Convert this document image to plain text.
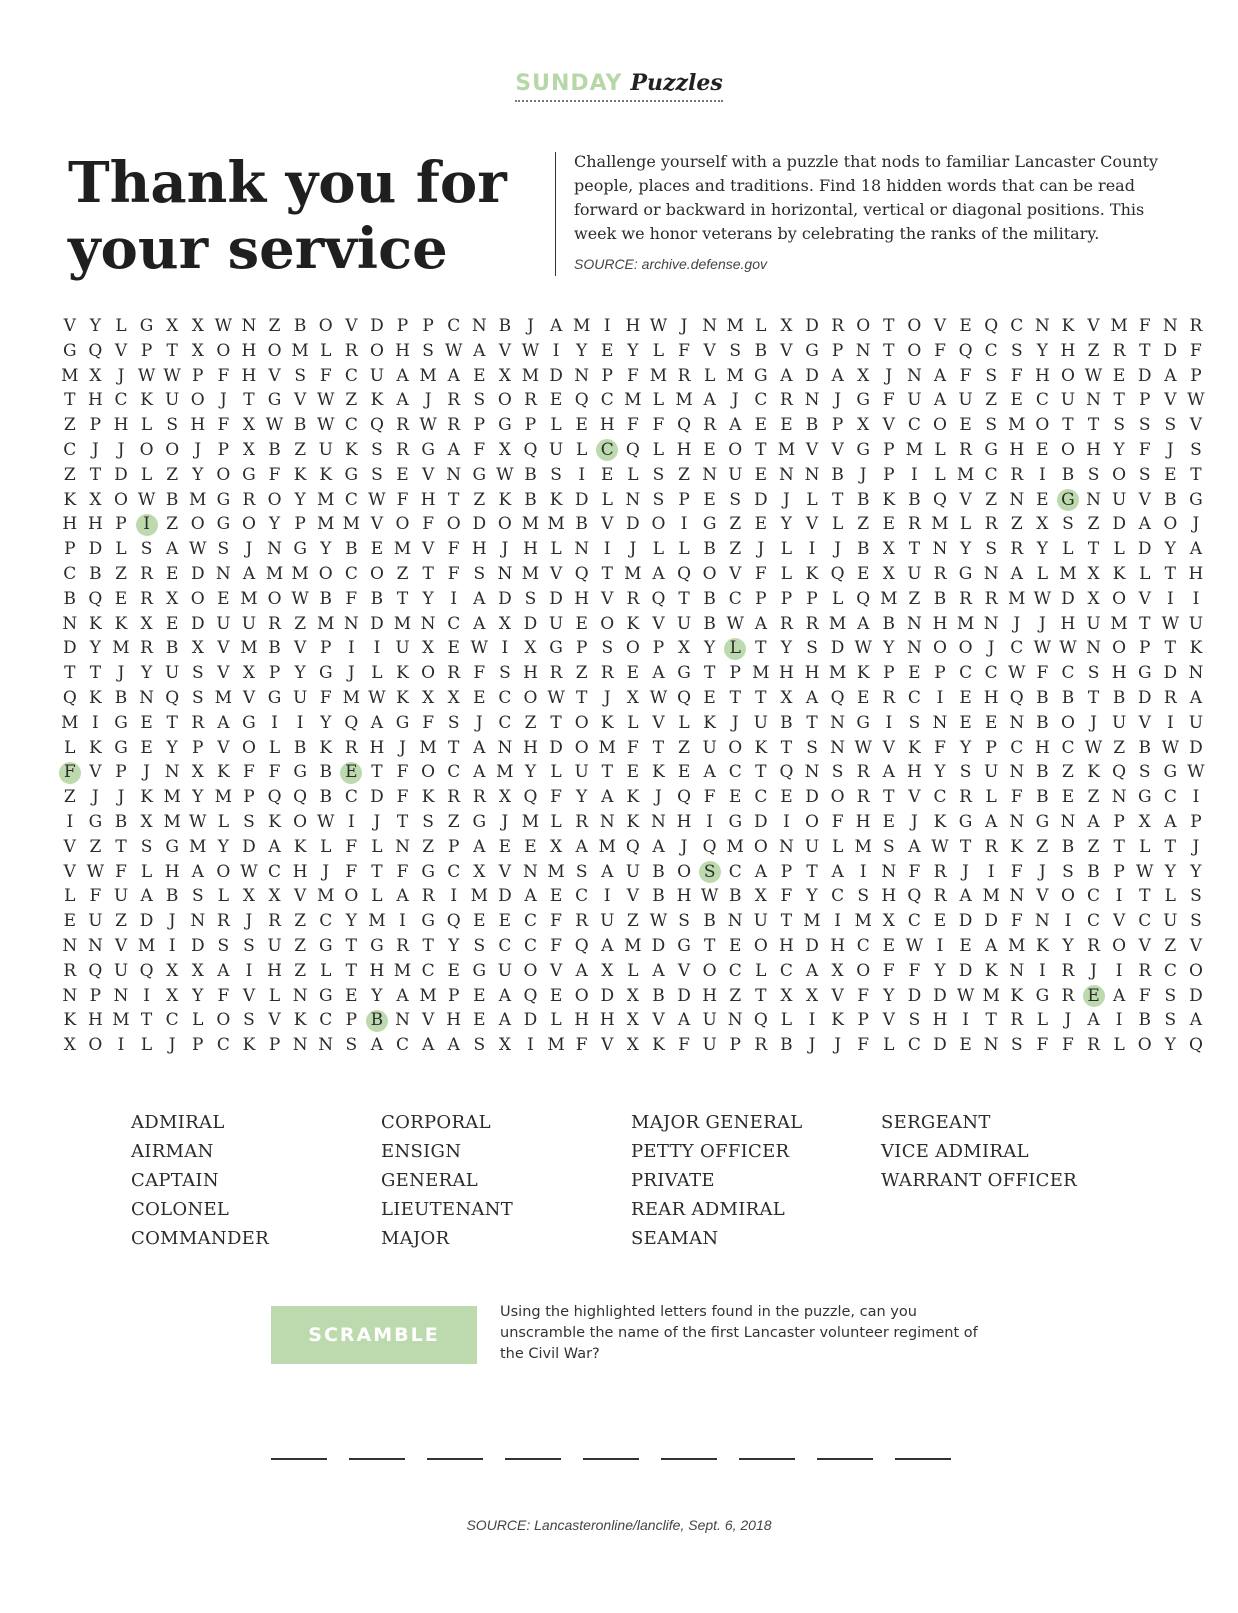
SUNDAY Puzzles
Thank you for your service

Challenge yourself with a puzzle that nods to familiar Lancaster County people, places and traditions. Find 18 hidden words that can be read forward or backward in horizontal, vertical or diagonal positions. This week we honor veterans by celebrating the ranks of the military.

SOURCE: archive.defense.gov
V Y L G X X W N Z B O V D P P C N B J A M I H W J N M L X D R O T O V E Q C N K V M F N R
G Q V P T X O H O M L R O H S W A V W I Y E Y L F V S B V G P N T O F Q C S Y H Z R T D F
M X J W W P F H V S F C U A M A E X M D N P F M R L M G A D A X J N A F S F H O W E D A P
T H C K U O J T G V W Z K A J R S O R E Q C M L M A J C R N J G F U A U Z E C U N T P V W
Z P H L S H F X W B W C Q R W R P G P L E H F F Q R A E E B P X V C O E S M O T T S S S V
C J	J O O J P X B Z U K S R G A F X Q U L C Q L H E O T M V V G P M L R G H E O H Y F J S
Z T D L Z Y O G F K K G S E V N G W B S I E L S Z N U E N N B J P I L M C R I B S O S E T
K X O W B M G R O Y M C W F H T Z K B K D L N S P E S D J L T B K B Q V Z N E G N U V B G
H H P I Z O G O Y P M M V O F O D O M M B V D O I G Z E Y V L Z E R M L R Z X S Z D A O J
P D L S A W S J N G Y B E M V F H J H L N I	J L L B Z J L I	J B X T N Y S R Y L T L D Y A
C B Z R E D N A M M O C O Z T F S N M V Q T M A Q O V F L K Q E X U R G N A L M X K L T H
B Q E R X O E M O W B F B T Y I A D S D H V R Q T B C P P P L Q M Z B R R M W D X O V I	I
N K K X E D U U R Z M N D M N C A X D U E O K V U B W A R R M A B N H M N J	J H U M T W U
D Y M R B X V M B V P I	I U X E W I X G P S O P X Y L T Y S D W Y N O O J C W W N O P T K
T T J Y U S V X P Y G J L K O R F S H R Z R E A G T P M H H M K P E P C C W F C S H G D N
Q K B N Q S M V G U F M W K X X E C O W T J X W Q E T T X A Q E R C I E H Q B B T B D R A
M I G E T R A G I	I Y Q A G F S J C Z T O K L V L K J U B T N G I S N E E N B O J U V I U
L K G E Y P V O L B K R H J M T A N H D O M F T Z U O K T S N W V K F Y P C H C W Z B W D
F V P J N X K F F G B E T F O C A M Y L U T E K E A C T Q N S R A H Y S U N B Z K Q S G W
Z J	J K M Y M P Q Q B C D F K R R X Q F Y A K J Q F E C E D O R T V C R L F B E Z N G C I
I G B X M W L S K O W I	J T S Z G J M L R N K N H I G D I O F H E J K G A N G N A P X A P
V Z T S G M Y D A K L F L N Z P A E E X A M Q A J Q M O N U L M S A W T R K Z B Z T L T J
V W F L H A O W C H J F T F G C X V N M S A U B O S C A P T A I N F R J	I F J S B P W Y Y
L F U A B S L X X V M O L A R I M D A E C I V B H W B X F Y C S H Q R A M N V O C I T L S
E U Z D J N R J R Z C Y M I G Q E E C F R U Z W S B N U T M I M X C E D D F N I C V C U S
N N V M I D S S U Z G T G R T Y S C C F Q A M D G T E O H D H C E W I E A M K Y R O V Z V
R Q U Q X X A I H Z L T H M C E G U O V A X L A V O C L C A X O F F Y D K N I R J	I R C O
N P N I X Y F V L N G E Y A M P E A Q E O D X B D H Z T X X V F Y D D W M K G R E A F S D
K H M T C L O S V K C P B N V H E A D L H H X V A U N Q L I K P V S H I T R L J A I B S A
X O I L J P C K P N N S A C A A S X I M F V X K F U P R B J	J F L C D E N S F F R L O Y Q
ADMIRAL
AIRMAN
CAPTAIN
COLONEL
COMMANDER
CORPORAL
ENSIGN
GENERAL
LIEUTENANT
MAJOR
MAJOR GENERAL
PETTY OFFICER
PRIVATE
REAR ADMIRAL
SEAMAN
SERGEANT
VICE ADMIRAL
WARRANT OFFICER
SCRAMBLE
Using the highlighted letters found in the puzzle, can you unscramble the name of the first Lancaster volunteer regiment of the Civil War?
SOURCE: Lancasteronline/lanclife, Sept. 6, 2018
